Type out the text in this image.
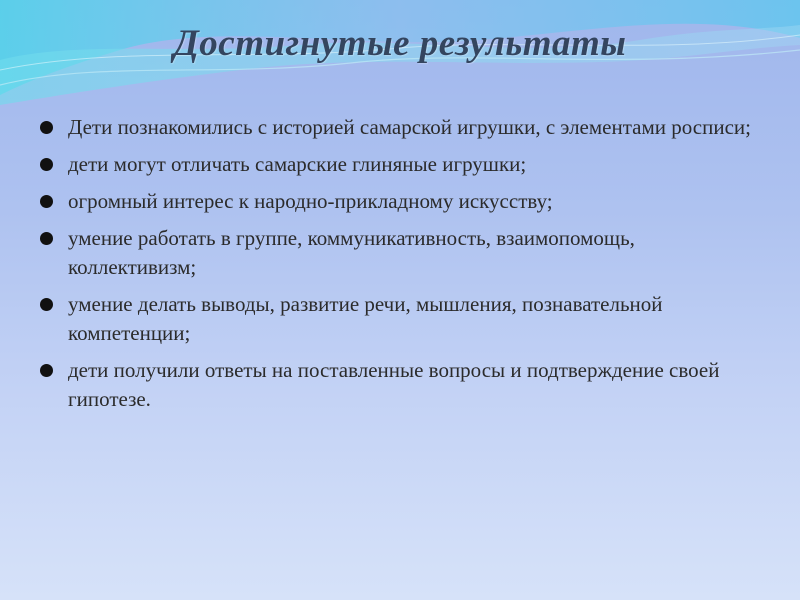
Достигнутые результаты
Дети познакомились с историей самарской игрушки, с элементами росписи;
дети могут отличать самарские глиняные игрушки;
огромный интерес к народно-прикладному искусству;
умение работать в группе, коммуникативность, взаимопомощь, коллективизм;
умение делать выводы, развитие речи, мышления, познавательной компетенции;
дети получили ответы на поставленные вопросы и подтверждение своей гипотезе.
